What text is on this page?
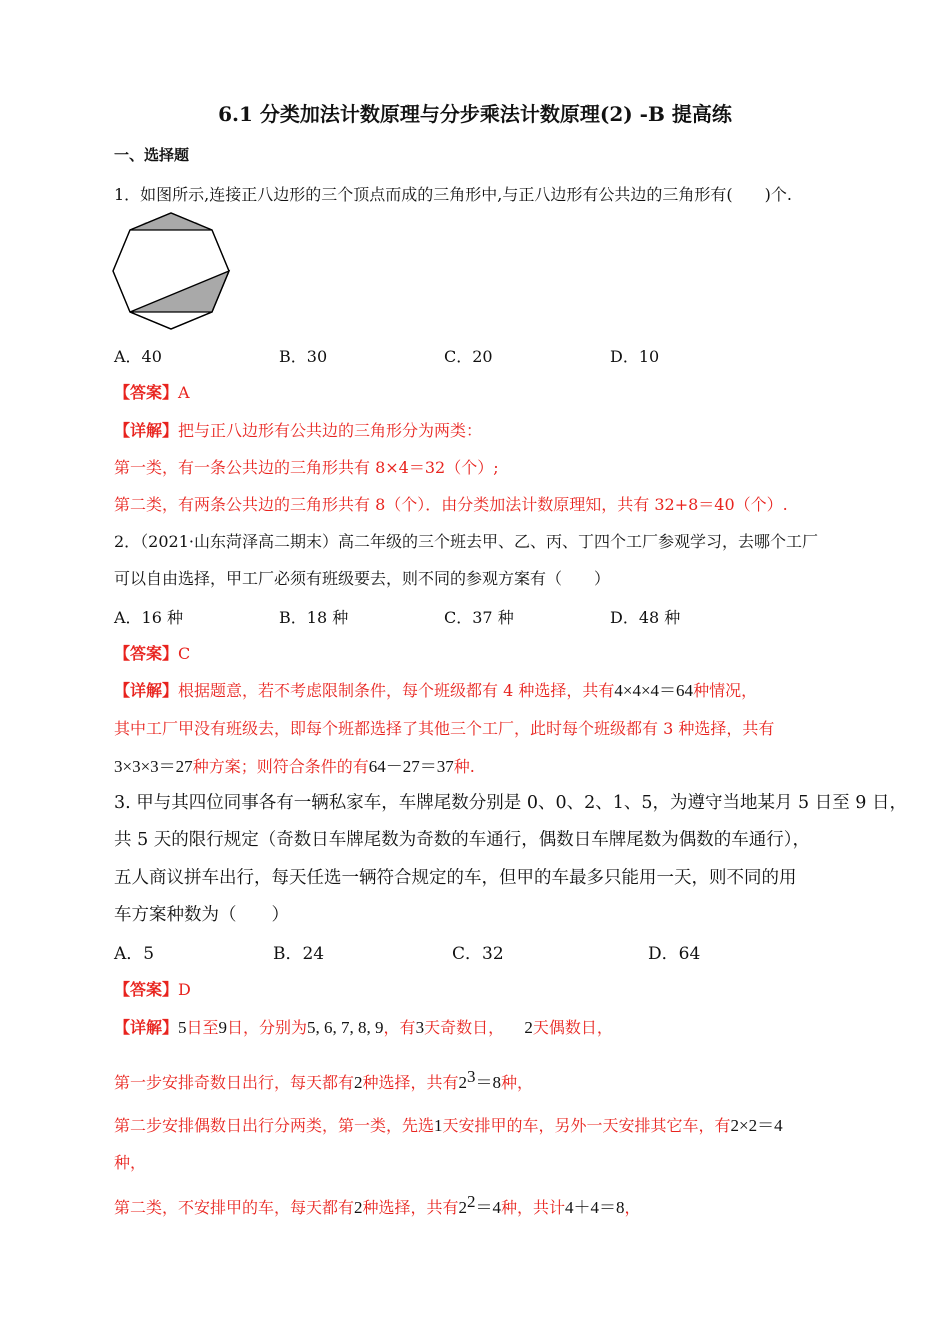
6.1 分类加法计数原理与分步乘法计数原理(2) -B 提高练
一、选择题
1．如图所示,连接正八边形的三个顶点而成的三角形中,与正八边形有公共边的三角形有(　　)个.
A．40	B．30	C．20	D．10
【答案】A
【详解】把与正八边形有公共边的三角形分为两类：
第一类，有一条公共边的三角形共有 8×4＝32（个）;
第二类，有两条公共边的三角形共有 8（个）．由分类加法计数原理知，共有 32+8＝40（个）.
2．（2021·山东菏泽高二期末）高二年级的三个班去甲、乙、丙、丁四个工厂参观学习，去哪个工厂
可以自由选择，甲工厂必须有班级要去，则不同的参观方案有（　　）
A．16 种	B．18 种	C．37 种	D．48 种
【答案】C
【详解】根据题意，若不考虑限制条件，每个班级都有 4 种选择，共有4×4×4＝64种情况，
其中工厂甲没有班级去，即每个班都选择了其他三个工厂，此时每个班级都有 3 种选择，共有
3×3×3＝27种方案；则符合条件的有64－27＝37种.
3. 甲与其四位同事各有一辆私家车，车牌尾数分别是 0、0、2、1、5，为遵守当地某月 5 日至 9 日，
共 5 天的限行规定（奇数日车牌尾数为奇数的车通行，偶数日车牌尾数为偶数的车通行），
五人商议拼车出行，每天任选一辆符合规定的车，但甲的车最多只能用一天，则不同的用
车方案种数为（　　）
A．5	B．24	C．32	D．64
【答案】D
【详解】5日至9日，分别为5, 6, 7, 8, 9，有3天奇数日， 2天偶数日，
第一步安排奇数日出行，每天都有2种选择，共有$2^3=8$种，
第二步安排偶数日出行分两类，第一类，先选1天安排甲的车，另外一天安排其它车，有2×2＝4
种，
第二类，不安排甲的车，每天都有2种选择，共有$2^2=4$种，共计4＋4＝8，
